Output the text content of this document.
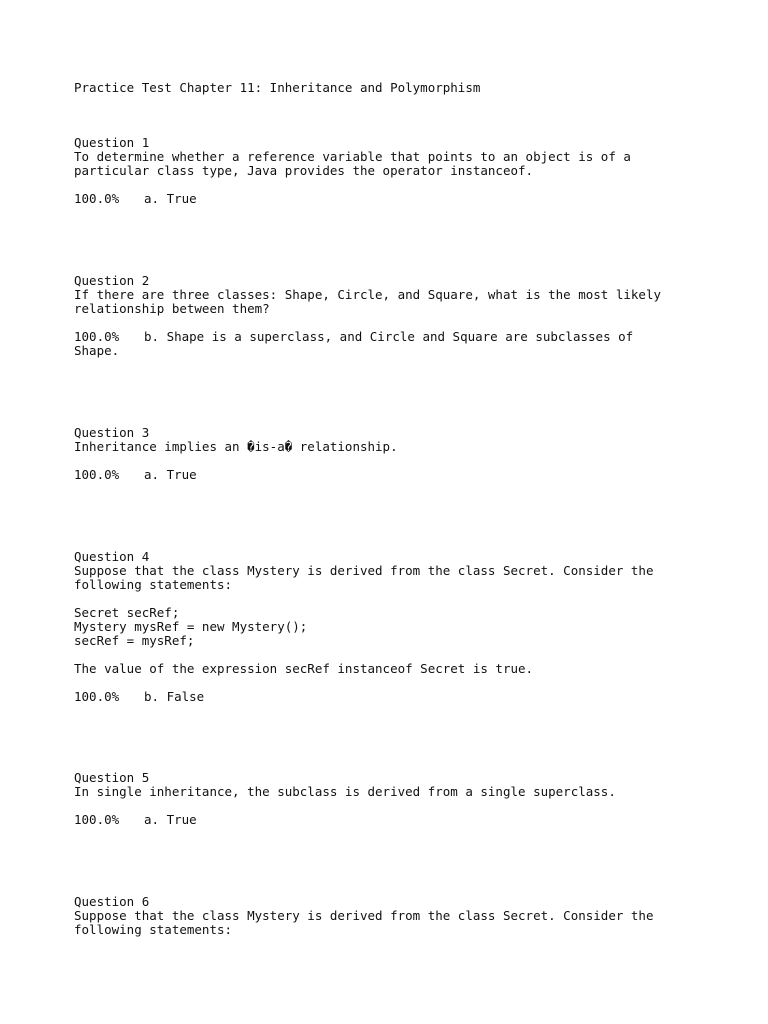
Practice Test Chapter 11: Inheritance and Polymorphism
Question 1
To determine whether a reference variable that points to an object is of a
particular class type, Java provides the operator instanceof.
100.0% a. True
Question 2
If there are three classes: Shape, Circle, and Square, what is the most likely
relationship between them?
100.0% b. Shape is a superclass, and Circle and Square are subclasses of
Shape.
Question 3
Inheritance implies an �is-a� relationship.
100.0% a. True
Question 4
Suppose that the class Mystery is derived from the class Secret. Consider the
following statements:
Secret secRef;
Mystery mysRef = new Mystery();
secRef = mysRef;
The value of the expression secRef instanceof Secret is true.
100.0% b. False
Question 5
In single inheritance, the subclass is derived from a single superclass.
100.0% a. True
Question 6
Suppose that the class Mystery is derived from the class Secret. Consider the
following statements:
